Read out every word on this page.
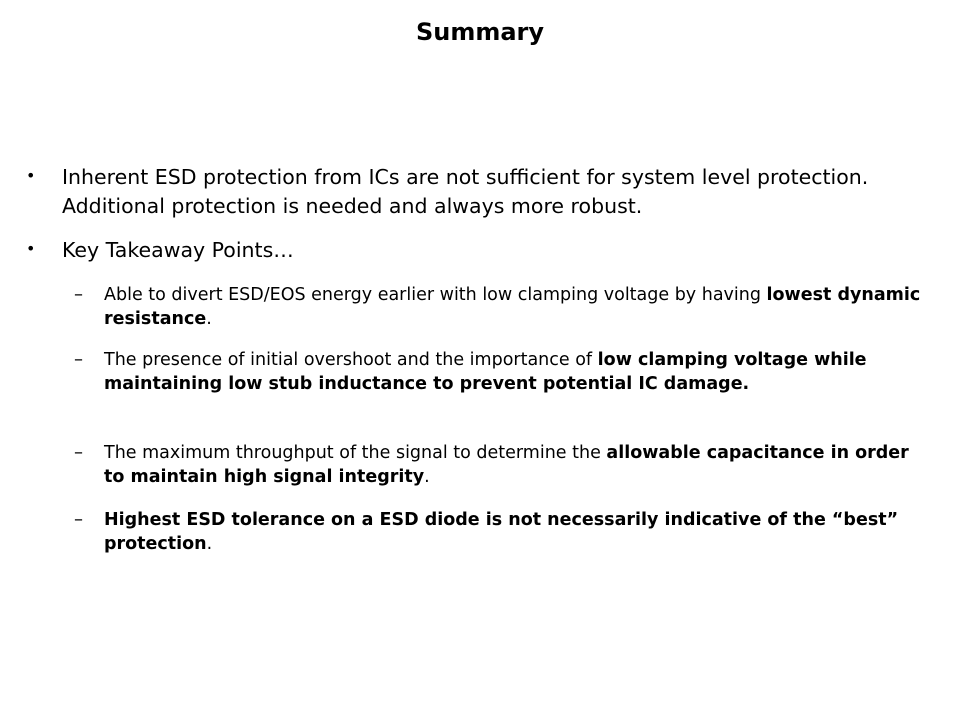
Summary
• Inherent ESD protection from ICs are not sufficient for system level protection. Additional protection is needed and always more robust.
• Key Takeaway Points…
– Able to divert ESD/EOS energy earlier with low clamping voltage by having lowest dynamic resistance.
– The presence of initial overshoot and the importance of low clamping voltage while maintaining low stub inductance to prevent potential IC damage.
– The maximum throughput of the signal to determine the allowable capacitance in order to maintain high signal integrity.
– Highest ESD tolerance on a ESD diode is not necessarily indicative of the “best” protection.
